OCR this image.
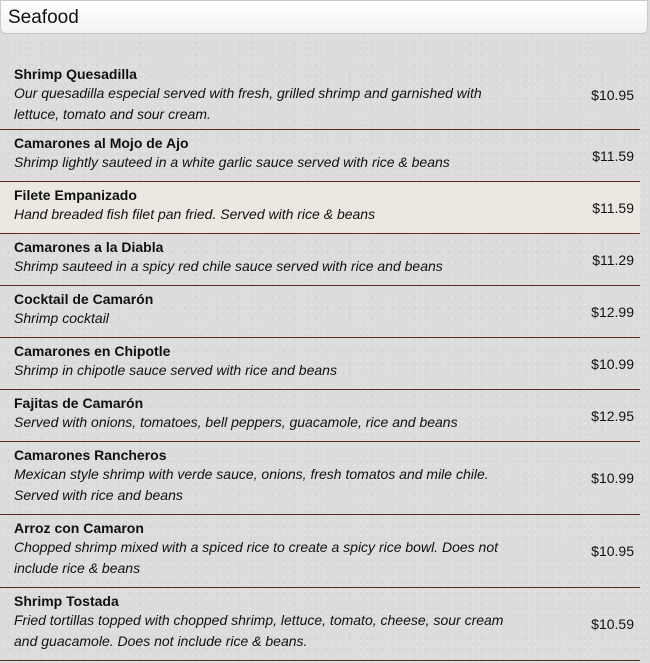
Seafood
Shrimp Quesadilla
Our quesadilla especial served with fresh, grilled shrimp and garnished with lettuce, tomato and sour cream.
$10.95
Camarones al Mojo de Ajo
Shrimp lightly sauteed in a white garlic sauce served with rice & beans	$11.59
Filete Empanizado
Hand breaded fish filet pan fried. Served with rice & beans	$11.59
Camarones a la Diabla
Shrimp sauteed in a spicy red chile sauce served with rice and beans	$11.29
Cocktail de Camarón
Shrimp cocktail	$12.99
Camarones en Chipotle
Shrimp in chipotle sauce served with rice and beans	$10.99
Fajitas de Camarón
Served with onions, tomatoes, bell peppers, guacamole, rice and beans	$12.95
Camarones Rancheros
Mexican style shrimp with verde sauce, onions, fresh tomatos and mile chile. Served with rice and beans
$10.99
Arroz con Camaron
Chopped shrimp mixed with a spiced rice to create a spicy rice bowl. Does not include rice & beans
$10.95
Shrimp Tostada
Fried tortillas topped with chopped shrimp, lettuce, tomato, cheese, sour cream and guacamole. Does not include rice & beans.
$10.59
